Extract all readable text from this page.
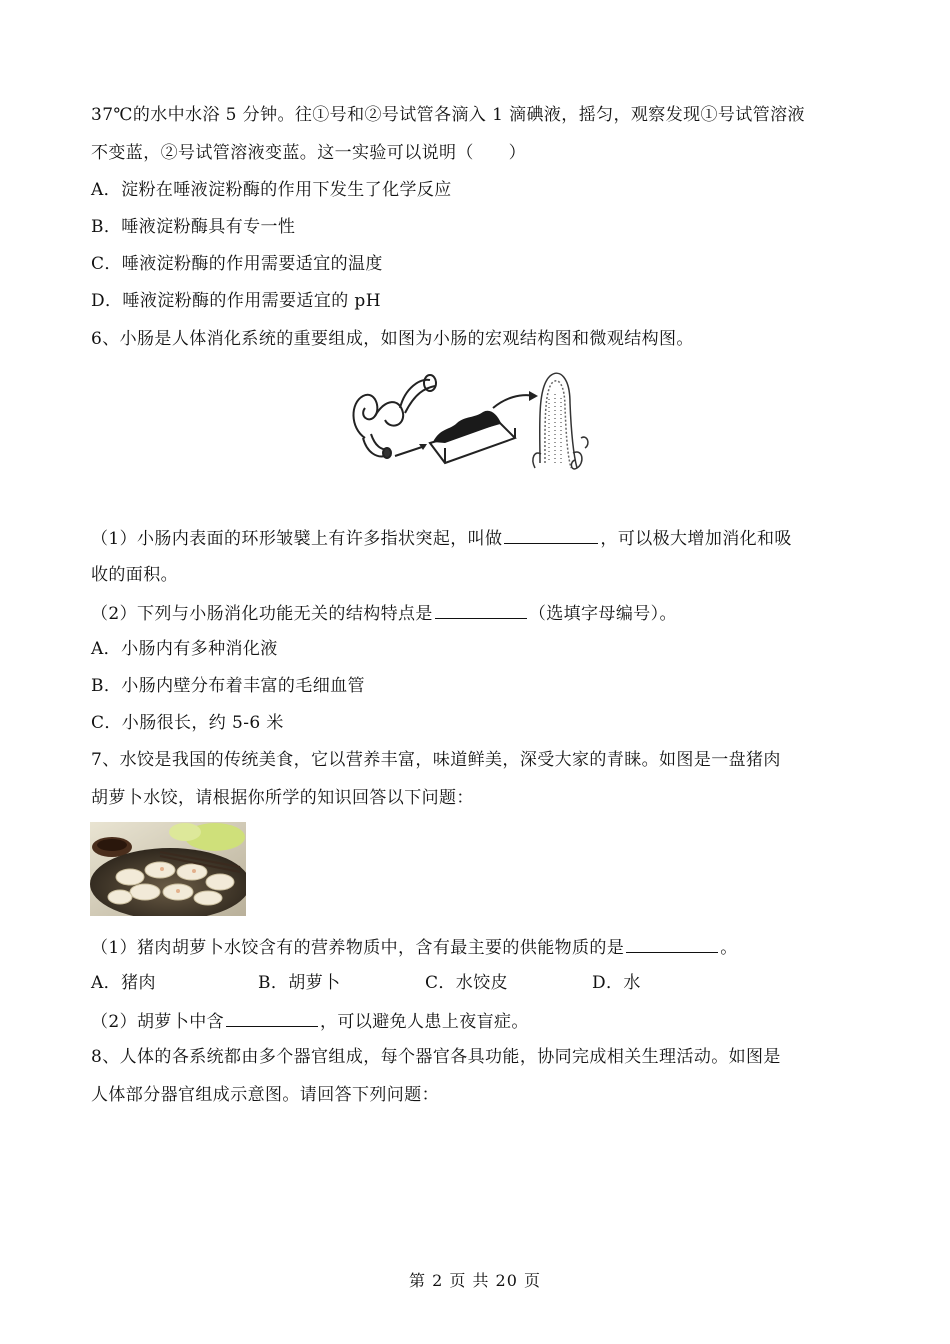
37℃的水中水浴 5 分钟。往①号和②号试管各滴入 1 滴碘液，摇匀，观察发现①号试管溶液
不变蓝，②号试管溶液变蓝。这一实验可以说明（　　）
A．淀粉在唾液淀粉酶的作用下发生了化学反应
B．唾液淀粉酶具有专一性
C．唾液淀粉酶的作用需要适宜的温度
D．唾液淀粉酶的作用需要适宜的 pH
6、小肠是人体消化系统的重要组成，如图为小肠的宏观结构图和微观结构图。
（1）小肠内表面的环形皱襞上有许多指状突起，叫做	，可以极大增加消化和吸
收的面积。
（2）下列与小肠消化功能无关的结构特点是	（选填字母编号）。
A．小肠内有多种消化液
B．小肠内壁分布着丰富的毛细血管
C．小肠很长，约 5-6 米
7、水饺是我国的传统美食，它以营养丰富，味道鲜美，深受大家的青睐。如图是一盘猪肉
胡萝卜水饺，请根据你所学的知识回答以下问题：
（1）猪肉胡萝卜水饺含有的营养物质中，含有最主要的供能物质的是	。
A．猪肉	B．胡萝卜	C．水饺皮	D．水
（2）胡萝卜中含	，可以避免人患上夜盲症。
8、人体的各系统都由多个器官组成，每个器官各具功能，协同完成相关生理活动。如图是
人体部分器官组成示意图。请回答下列问题：
第 2 页 共 20 页
